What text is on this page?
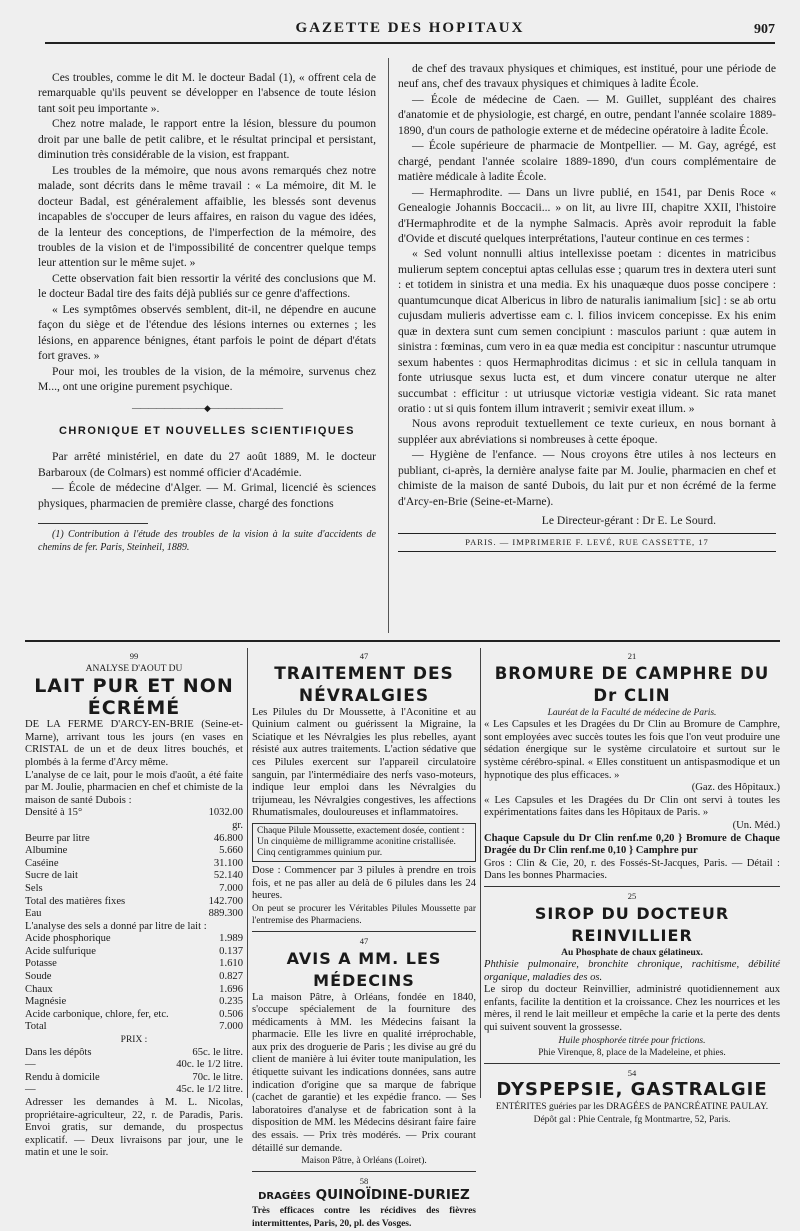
GAZETTE DES HOPITAUX	907

Ces troubles, comme le dit M. le docteur Badal (1), « offrent cela de remarquable qu'ils peuvent se développer en l'absence de toute lésion tant soit peu importante ».

Chez notre malade, le rapport entre la lésion, blessure du poumon droit par une balle de petit calibre, et le résultat principal et persistant, diminution très considérable de la vision, est frappant.

Les troubles de la mémoire, que nous avons remarqués chez notre malade, sont décrits dans le même travail : « La mémoire, dit M. le docteur Badal, est généralement affaiblie, les blessés sont devenus incapables de s'occuper de leurs affaires, en raison du vague des idées, de la lenteur des conceptions, de l'imperfection de la mémoire, des troubles de la vision et de l'impossibilité de concentrer quelque temps leur attention sur le même sujet. »

Cette observation fait bien ressortir la vérité des conclusions que M. le docteur Badal tire des faits déjà publiés sur ce genre d'affections.

« Les symptômes observés semblent, dit-il, ne dépendre en aucune façon du siège et de l'étendue des lésions internes ou externes ; les lésions, en apparence bénignes, étant parfois le point de départ d'états fort graves. »

Pour moi, les troubles de la vision, de la mémoire, survenus chez M..., ont une origine purement psychique.

—————————◆—————————
CHRONIQUE ET NOUVELLES SCIENTIFIQUES

Par arrêté ministériel, en date du 27 août 1889, M. le docteur Barbaroux (de Colmars) est nommé officier d'Académie.

— École de médecine d'Alger. — M. Grimal, licencié ès sciences physiques, pharmacien de première classe, chargé des fonctions

(1) Contribution à l'étude des troubles de la vision à la suite d'accidents de chemins de fer. Paris, Steinheil, 1889.

de chef des travaux physiques et chimiques, est institué, pour une période de neuf ans, chef des travaux physiques et chimiques à ladite École.

— École de médecine de Caen. — M. Guillet, suppléant des chaires d'anatomie et de physiologie, est chargé, en outre, pendant l'année scolaire 1889-1890, d'un cours de pathologie externe et de médecine opératoire à ladite École.

— École supérieure de pharmacie de Montpellier. — M. Gay, agrégé, est chargé, pendant l'année scolaire 1889-1890, d'un cours complémentaire de matière médicale à ladite École.

— Hermaphrodite. — Dans un livre publié, en 1541, par Denis Roce « Genealogie Johannis Boccacii... » on lit, au livre III, chapitre XXII, l'histoire d'Hermaphrodite et de la nymphe Salmacis. Après avoir reproduit la fable d'Ovide et discuté quelques interprétations, l'auteur continue en ces termes :

« Sed volunt nonnulli altius intellexisse poetam : dicentes in matricibus mulierum septem conceptui aptas cellulas esse ; quarum tres in dextera uteri sunt : et totidem in sinistra et una media. Ex his unaquæque duos posse concipere : quantumcunque dicat Albericus in libro de naturalis ianimalium [sic] : se ab ortu cujusdam mulieris advertisse eam c. l. filios invicem concepisse. Ex his enim quæ in dextera sunt cum semen concipiunt : masculos pariunt : quæ autem in sinistra : fœminas, cum vero in ea quæ media est concipitur : nascuntur utrumque sexum habentes : quos Hermaphroditas dicimus : et sic in cellula tanquam in fonte utriusque sexus lucta est, et dum vincere conatur uterque ne alter succumbat : efficitur : ut utriusque victoriæ vestigia videant. Sic rata manet oratio : ut si quis fontem illum intraverit ; semivir exeat illum. »

Nous avons reproduit textuellement ce texte curieux, en nous bornant à suppléer aux abréviations si nombreuses à cette époque.

— Hygiène de l'enfance. — Nous croyons être utiles à nos lecteurs en publiant, ci-après, la dernière analyse faite par M. Joulie, pharmacien en chef et chimiste de la maison de santé Dubois, du lait pur et non écrémé de la ferme d'Arcy-en-Brie (Seine-et-Marne).

Le Directeur-gérant : Dr E. Le Sourd.
PARIS. — IMPRIMERIE F. LEVÉ, RUE CASSETTE, 17
99
ANALYSE D'AOUT DU
LAIT PUR ET NON ÉCRÉMÉ

DE LA FERME D'ARCY-EN-BRIE (Seine-et-Marne), arrivant tous les jours (en vases en CRISTAL de un et de deux litres bouchés, et plombés à la ferme d'Arcy même.

L'analyse de ce lait, pour le mois d'août, a été faite par M. Joulie, pharmacien en chef et chimiste de la maison de santé Dubois :

Densité à 15°	1032.00
gr.
Beurre par litre	46.800
Albumine	5.660
Caséine	31.100
Sucre de lait	52.140
Sels	7.000
Total des matières fixes	142.700
Eau	889.300

L'analyse des sels a donné par litre de lait :

Acide phosphorique	1.989
Acide sulfurique	0.137
Potasse	1.610
Soude	0.827
Chaux	1.696
Magnésie	0.235
Acide carbonique, chlore, fer, etc.	0.506
Total	7.000
PRIX :
Dans les dépôts	65c. le litre.
—	40c. le 1/2 litre.
Rendu à domicile	70c. le litre.
—	45c. le 1/2 litre.

Adresser les demandes à M. L. Nicolas, propriétaire-agriculteur, 22, r. de Paradis, Paris. Envoi gratis, sur demande, du prospectus explicatif. — Deux livraisons par jour, une le matin et une le soir.

47
TRAITEMENT DES NÉVRALGIES

Les Pilules du Dr Moussette, à l'Aconitine et au Quinium calment ou guérissent la Migraine, la Sciatique et les Névralgies les plus rebelles, ayant résisté aux autres traitements. L'action sédative que ces Pilules exercent sur l'appareil circulatoire sanguin, par l'intermédiaire des nerfs vaso-moteurs, indique leur emploi dans les Névralgies du trijumeau, les Névralgies congestives, les affections Rhumatismales, douloureuses et inflammatoires.

Chaque Pilule Moussette, exactement dosée, contient : Un cinquième de milligramme aconitine cristallisée. Cinq centigrammes quinium pur.

Dose : Commencer par 3 pilules à prendre en trois fois, et ne pas aller au delà de 6 pilules dans les 24 heures.

On peut se procurer les Véritables Pilules Moussette par l'entremise des Pharmaciens.

47
AVIS A MM. LES MÉDECINS

La maison Pâtre, à Orléans, fondée en 1840, s'occupe spécialement de la fourniture des médicaments à MM. les Médecins faisant la pharmacie. Elle les livre en qualité irréprochable, aux prix des droguerie de Paris ; les divise au gré du client de manière à lui éviter toute manipulation, les étiquette suivant les indications données, sans autre indication d'origine que sa marque de fabrique (cachet de garantie) et les expédie franco. — Ses laboratoires d'analyse et de fabrication sont à la disposition de MM. les Médecins désirant faire faire des essais. — Prix très modérés. — Prix courant détaillé sur demande.

Maison Pâtre, à Orléans (Loiret).
58
DRAGÉES QUINOÏDINE-DURIEZ

Très efficaces contre les récidives des fièvres intermittentes, Paris, 20, pl. des Vosges.

21
BROMURE DE CAMPHRE DU Dr CLIN
Lauréat de la Faculté de médecine de Paris.

« Les Capsules et les Dragées du Dr Clin au Bromure de Camphre, sont employées avec succès toutes les fois que l'on veut produire une sédation énergique sur le système circulatoire et surtout sur le système cérébro-spinal. « Elles constituent un antispasmodique et un hypnotique des plus efficaces. »

(Gaz. des Hôpitaux.)

« Les Capsules et les Dragées du Dr Clin ont servi à toutes les expérimentations faites dans les Hôpitaux de Paris. »

(Un. Méd.)

Chaque Capsule du Dr Clin renf.me 0,20 } Bromure de Chaque Dragée du Dr Clin renf.me 0,10 } Camphre pur

Gros : Clin & Cie, 20, r. des Fossés-St-Jacques, Paris. — Détail : Dans les bonnes Pharmacies.

25
SIROP DU DOCTEUR REINVILLIER
Au Phosphate de chaux gélatineux.

Phthisie pulmonaire, bronchite chronique, rachitisme, débilité organique, maladies des os.

Le sirop du docteur Reinvillier, administré quotidiennement aux enfants, facilite la dentition et la croissance. Chez les nourrices et les mères, il rend le lait meilleur et empêche la carie et la perte des dents qui suivent souvent la grossesse.

Huile phosphorée titrée pour frictions.
Phie Virenque, 8, place de la Madeleine, et phies.
54
DYSPEPSIE, GASTRALGIE
ENTÉRITES guéries par les DRAGÉES de PANCRÉATINE PAULAY.
Dépôt gal : Phie Centrale, fg Montmartre, 52, Paris.
